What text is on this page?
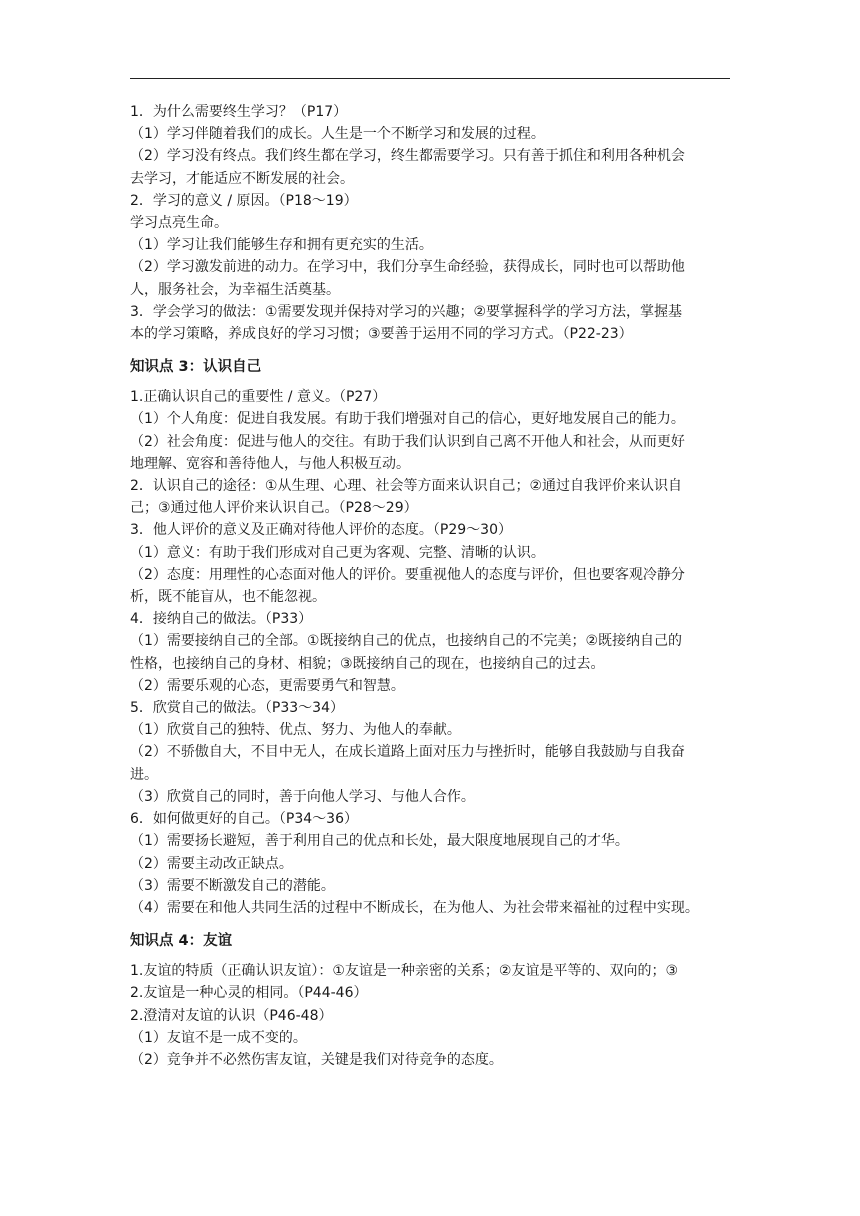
1．为什么需要终生学习？（P17）
（1）学习伴随着我们的成长。人生是一个不断学习和发展的过程。
（2）学习没有终点。我们终生都在学习，终生都需要学习。只有善于抓住和利用各种机会
去学习，才能适应不断发展的社会。
2．学习的意义 / 原因。（P18～19）
学习点亮生命。
（1）学习让我们能够生存和拥有更充实的生活。
（2）学习激发前进的动力。在学习中，我们分享生命经验，获得成长，同时也可以帮助他
人，服务社会，为幸福生活奠基。
3．学会学习的做法：①需要发现并保持对学习的兴趣；②要掌握科学的学习方法，掌握基
本的学习策略，养成良好的学习习惯；③要善于运用不同的学习方式。（P22-23）
知识点 3：认识自己
1.正确认识自己的重要性 / 意义。（P27）
（1）个人角度：促进自我发展。有助于我们增强对自己的信心，更好地发展自己的能力。
（2）社会角度：促进与他人的交往。有助于我们认识到自己离不开他人和社会，从而更好
地理解、宽容和善待他人，与他人积极互动。
2．认识自己的途径：①从生理、心理、社会等方面来认识自己；②通过自我评价来认识自
己；③通过他人评价来认识自己。（P28～29）
3．他人评价的意义及正确对待他人评价的态度。（P29～30）
（1）意义：有助于我们形成对自己更为客观、完整、清晰的认识。
（2）态度：用理性的心态面对他人的评价。要重视他人的态度与评价，但也要客观冷静分
析，既不能盲从，也不能忽视。
4．接纳自己的做法。（P33）
（1）需要接纳自己的全部。①既接纳自己的优点，也接纳自己的不完美；②既接纳自己的
性格，也接纳自己的身材、相貌；③既接纳自己的现在，也接纳自己的过去。
（2）需要乐观的心态，更需要勇气和智慧。
5．欣赏自己的做法。（P33～34）
（1）欣赏自己的独特、优点、努力、为他人的奉献。
（2）不骄傲自大，不目中无人，在成长道路上面对压力与挫折时，能够自我鼓励与自我奋
进。
（3）欣赏自己的同时，善于向他人学习、与他人合作。
6．如何做更好的自己。（P34～36）
（1）需要扬长避短，善于利用自己的优点和长处，最大限度地展现自己的才华。
（2）需要主动改正缺点。
（3）需要不断激发自己的潜能。
（4）需要在和他人共同生活的过程中不断成长，在为他人、为社会带来福祉的过程中实现。
知识点 4：友谊
1.友谊的特质（正确认识友谊）：①友谊是一种亲密的关系；②友谊是平等的、双向的；③
2.友谊是一种心灵的相同。（P44-46）
2.澄清对友谊的认识（P46-48）
（1）友谊不是一成不变的。
（2）竞争并不必然伤害友谊，关键是我们对待竞争的态度。
